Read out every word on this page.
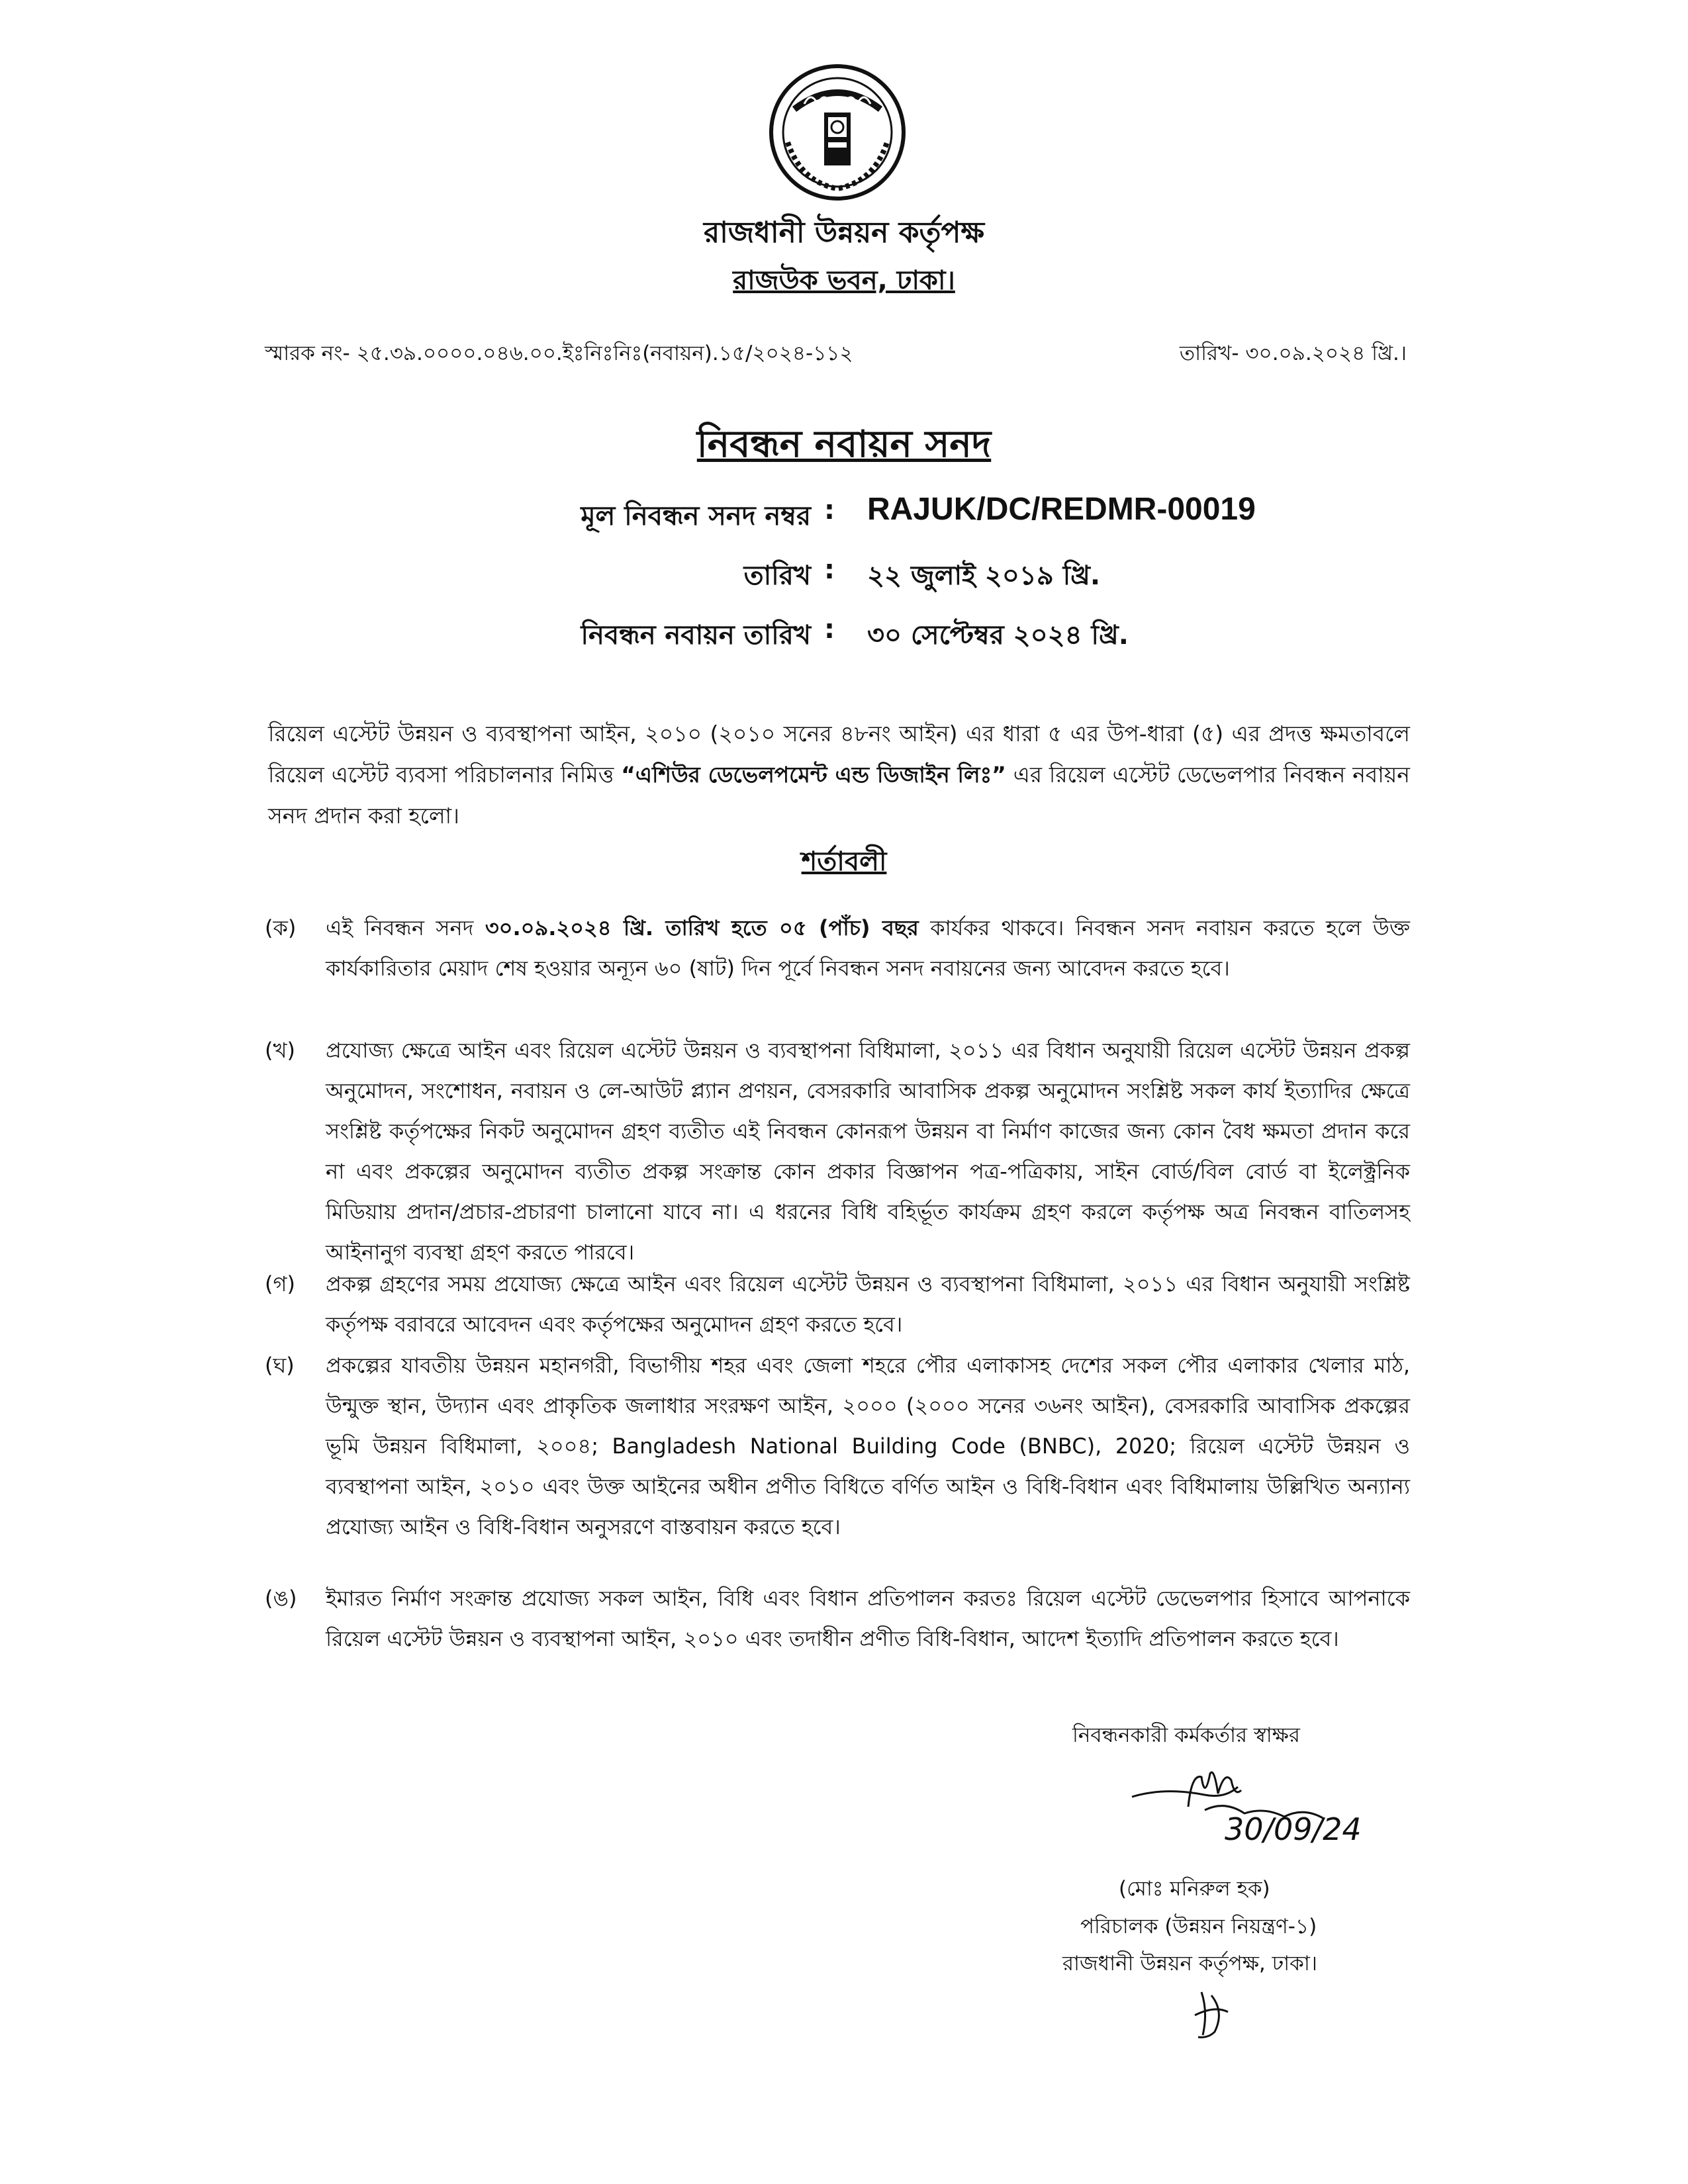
রাজধানী উন্নয়ন কর্তৃপক্ষ
রাজউক ভবন, ঢাকা।
স্মারক নং- ২৫.৩৯.০০০০.০৪৬.০০.ইঃনিঃনিঃ(নবায়ন).১৫/২০২৪-১১২	তারিখ- ৩০.০৯.২০২৪ খ্রি.।
নিবন্ধন নবায়ন সনদ
মূল নিবন্ধন সনদ নম্বর : RAJUK/DC/REDMR-00019
তারিখ : ২২ জুলাই ২০১৯ খ্রি.
নিবন্ধন নবায়ন তারিখ : ৩০ সেপ্টেম্বর ২০২৪ খ্রি.
রিয়েল এস্টেট উন্নয়ন ও ব্যবস্থাপনা আইন, ২০১০ (২০১০ সনের ৪৮নং আইন) এর ধারা ৫ এর উপ-ধারা (৫) এর প্রদত্ত ক্ষমতাবলে রিয়েল এস্টেট ব্যবসা পরিচালনার নিমিত্ত “এশিউর ডেভেলপমেন্ট এন্ড ডিজাইন লিঃ” এর রিয়েল এস্টেট ডেভেলপার নিবন্ধন নবায়ন সনদ প্রদান করা হলো।
শর্তাবলী
(ক)	এই নিবন্ধন সনদ ৩০.০৯.২০২৪ খ্রি. তারিখ হতে ০৫ (পাঁচ) বছর কার্যকর থাকবে। নিবন্ধন সনদ নবায়ন করতে হলে উক্ত কার্যকারিতার মেয়াদ শেষ হওয়ার অন্যূন ৬০ (ষাট) দিন পূর্বে নিবন্ধন সনদ নবায়নের জন্য আবেদন করতে হবে।
(খ)	প্রযোজ্য ক্ষেত্রে আইন এবং রিয়েল এস্টেট উন্নয়ন ও ব্যবস্থাপনা বিধিমালা, ২০১১ এর বিধান অনুযায়ী রিয়েল এস্টেট উন্নয়ন প্রকল্প অনুমোদন, সংশোধন, নবায়ন ও লে-আউট প্ল্যান প্রণয়ন, বেসরকারি আবাসিক প্রকল্প অনুমোদন সংশ্লিষ্ট সকল কার্য ইত্যাদির ক্ষেত্রে সংশ্লিষ্ট কর্তৃপক্ষের নিকট অনুমোদন গ্রহণ ব্যতীত এই নিবন্ধন কোনরূপ উন্নয়ন বা নির্মাণ কাজের জন্য কোন বৈধ ক্ষমতা প্রদান করে না এবং প্রকল্পের অনুমোদন ব্যতীত প্রকল্প সংক্রান্ত কোন প্রকার বিজ্ঞাপন পত্র-পত্রিকায়, সাইন বোর্ড/বিল বোর্ড বা ইলেক্ট্রনিক মিডিয়ায় প্রদান/প্রচার-প্রচারণা চালানো যাবে না। এ ধরনের বিধি বহির্ভূত কার্যক্রম গ্রহণ করলে কর্তৃপক্ষ অত্র নিবন্ধন বাতিলসহ আইনানুগ ব্যবস্থা গ্রহণ করতে পারবে।
(গ)	প্রকল্প গ্রহণের সময় প্রযোজ্য ক্ষেত্রে আইন এবং রিয়েল এস্টেট উন্নয়ন ও ব্যবস্থাপনা বিধিমালা, ২০১১ এর বিধান অনুযায়ী সংশ্লিষ্ট কর্তৃপক্ষ বরাবরে আবেদন এবং কর্তৃপক্ষের অনুমোদন গ্রহণ করতে হবে।
(ঘ)	প্রকল্পের যাবতীয় উন্নয়ন মহানগরী, বিভাগীয় শহর এবং জেলা শহরে পৌর এলাকাসহ দেশের সকল পৌর এলাকার খেলার মাঠ, উন্মুক্ত স্থান, উদ্যান এবং প্রাকৃতিক জলাধার সংরক্ষণ আইন, ২০০০ (২০০০ সনের ৩৬নং আইন), বেসরকারি আবাসিক প্রকল্পের ভূমি উন্নয়ন বিধিমালা, ২০০৪; Bangladesh National Building Code (BNBC), 2020; রিয়েল এস্টেট উন্নয়ন ও ব্যবস্থাপনা আইন, ২০১০ এবং উক্ত আইনের অধীন প্রণীত বিধিতে বর্ণিত আইন ও বিধি-বিধান এবং বিধিমালায় উল্লিখিত অন্যান্য প্রযোজ্য আইন ও বিধি-বিধান অনুসরণে বাস্তবায়ন করতে হবে।
(ঙ)	ইমারত নির্মাণ সংক্রান্ত প্রযোজ্য সকল আইন, বিধি এবং বিধান প্রতিপালন করতঃ রিয়েল এস্টেট ডেভেলপার হিসাবে আপনাকে রিয়েল এস্টেট উন্নয়ন ও ব্যবস্থাপনা আইন, ২০১০ এবং তদাধীন প্রণীত বিধি-বিধান, আদেশ ইত্যাদি প্রতিপালন করতে হবে।
নিবন্ধনকারী কর্মকর্তার স্বাক্ষর
30/09/24
(মোঃ মনিরুল হক)
পরিচালক (উন্নয়ন নিয়ন্ত্রণ-১)
রাজধানী উন্নয়ন কর্তৃপক্ষ, ঢাকা।
